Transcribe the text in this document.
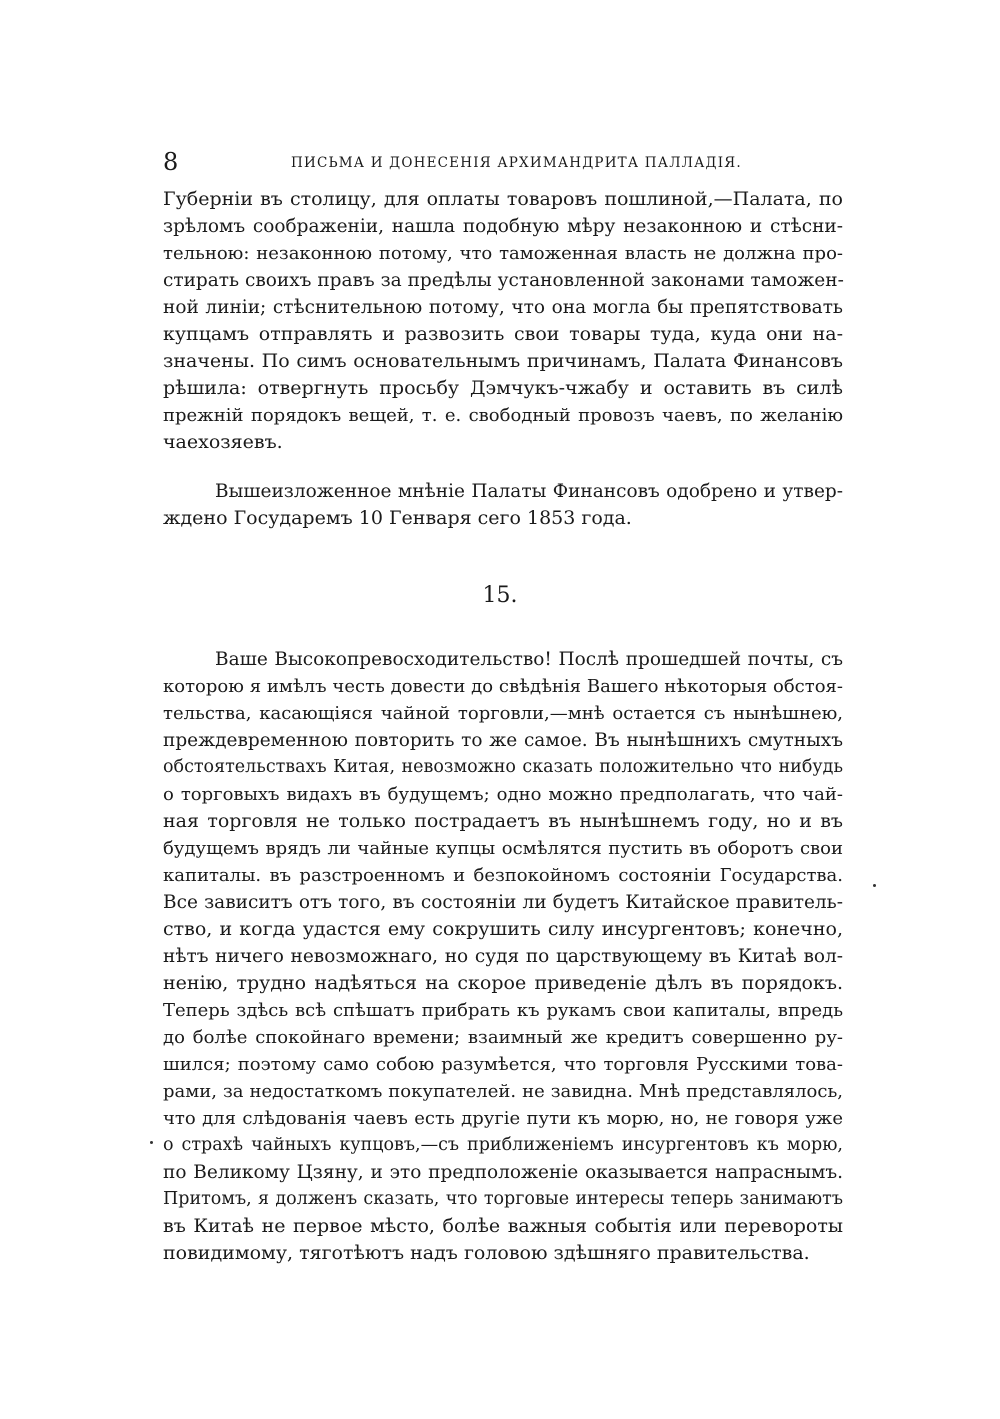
8	ПИСЬМА И ДОНЕСЕНІЯ АРХИМАНДРИТА ПАЛЛАДІЯ.
Губерніи въ столицу, для оплаты товаровъ пошлиной,—Палата, по
зрѣломъ соображеніи, нашла подобную мѣру незаконною и стѣсни-
тельною: незаконною потому, что таможенная власть не должна про-
стирать своихъ правъ за предѣлы установленной законами таможен-
ной линіи; стѣснительною потому, что она могла бы препятствовать
купцамъ отправлять и развозить свои товары туда, куда они на-
значены. По симъ основательнымъ причинамъ, Палата Финансовъ
рѣшила: отвергнуть просьбу Дэмчукъ-чжабу и оставить въ силѣ
прежній порядокъ вещей, т. е. свободный провозъ чаевъ, по желанію
чаехозяевъ.
Вышеизложенное мнѣніе Палаты Финансовъ одобрено и утвер-
ждено Государемъ 10 Генваря сего 1853 года.
15.
Ваше Высокопревосходительство! Послѣ прошедшей почты, съ
которою я имѣлъ честь довести до свѣдѣнія Вашего нѣкоторыя обстоя-
тельства, касающіяся чайной торговли,—мнѣ остается съ нынѣшнею,
преждевременною повторить то же самое. Въ нынѣшнихъ смутныхъ
обстоятельствахъ Китая, невозможно сказать положительно что нибудь
о торговыхъ видахъ въ будущемъ; одно можно предполагать, что чай-
ная торговля не только пострадаетъ въ нынѣшнемъ году, но и въ
будущемъ врядъ ли чайные купцы осмѣлятся пустить въ оборотъ свои
капиталы. въ разстроенномъ и безпокойномъ состояніи Государства.
Все зависитъ отъ того, въ состояніи ли будетъ Китайское правитель-
ство, и когда удастся ему сокрушить силу инсургентовъ; конечно,
нѣтъ ничего невозможнаго, но судя по царствующему въ Китаѣ вол-
ненію, трудно надѣяться на скорое приведеніе дѣлъ въ порядокъ.
Теперь здѣсь всѣ спѣшатъ прибрать къ рукамъ свои капиталы, впредь
до болѣе спокойнаго времени; взаимный же кредитъ совершенно ру-
шился; поэтому само собою разумѣется, что торговля Русскими това-
рами, за недостаткомъ покупателей. не завидна. Мнѣ представлялось,
что для слѣдованія чаевъ есть другіе пути къ морю, но, не говоря уже
о страхѣ чайныхъ купцовъ,—съ приближеніемъ инсургентовъ къ морю,
по Великому Цзяну, и это предположеніе оказывается напраснымъ.
Притомъ, я долженъ сказать, что торговые интересы теперь занимаютъ
въ Китаѣ не первое мѣсто, болѣе важныя событія или перевороты
повидимому, тяготѣютъ надъ головою здѣшняго правительства.
